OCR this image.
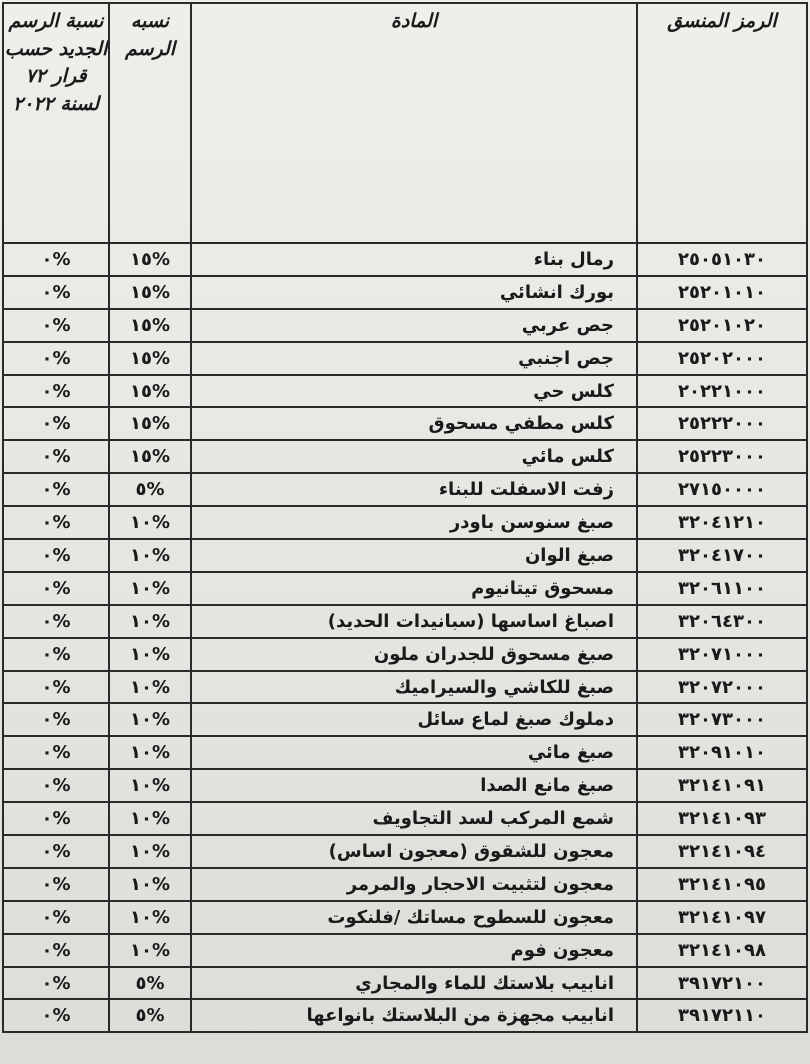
الرمز المنسق	المادة	نسبه الرسم	نسبة الرسم الجديد حسب قرار ٧٢ لسنة ٢٠٢٢
٢٥٠٥١٠٣٠	رمال بناء	%١٥	%٠
٢٥٢٠١٠١٠	بورك انشائي	%١٥	%٠
٢٥٢٠١٠٢٠	جص عربي	%١٥	%٠
٢٥٢٠٢٠٠٠	جص اجنبي	%١٥	%٠
٢٠٢٢١٠٠٠	كلس حي	%١٥	%٠
٢٥٢٢٢٠٠٠	كلس مطفي مسحوق	%١٥	%٠
٢٥٢٢٣٠٠٠	كلس مائي	%١٥	%٠
٢٧١٥٠٠٠٠	زفت الاسفلت للبناء	%٥	%٠
٣٢٠٤١٢١٠	صبغ سنوسن باودر	%١٠	%٠
٣٢٠٤١٧٠٠	صبغ الوان	%١٠	%٠
٣٢٠٦١١٠٠	مسحوق تيتانيوم	%١٠	%٠
٣٢٠٦٤٣٠٠	اصباغ اساسها (سبانيدات الحديد)	%١٠	%٠
٣٢٠٧١٠٠٠	صبغ مسحوق للجدران ملون	%١٠	%٠
٣٢٠٧٢٠٠٠	صبغ للكاشي والسيراميك	%١٠	%٠
٣٢٠٧٣٠٠٠	دملوك صبغ لماع سائل	%١٠	%٠
٣٢٠٩١٠١٠	صبغ مائي	%١٠	%٠
٣٢١٤١٠٩١	صبغ مانع الصدا	%١٠	%٠
٣٢١٤١٠٩٣	شمع المركب لسد التجاويف	%١٠	%٠
٣٢١٤١٠٩٤	معجون للشقوق (معجون اساس)	%١٠	%٠
٣٢١٤١٠٩٥	معجون لتثبيت الاحجار والمرمر	%١٠	%٠
٣٢١٤١٠٩٧	معجون للسطوح مساتك /فلنكوت	%١٠	%٠
٣٢١٤١٠٩٨	معجون فوم	%١٠	%٠
٣٩١٧٢١٠٠	انابيب بلاستك للماء والمجاري	%٥	%٠
٣٩١٧٢١١٠	انابيب مجهزة من البلاستك بانواعها	%٥	%٠
